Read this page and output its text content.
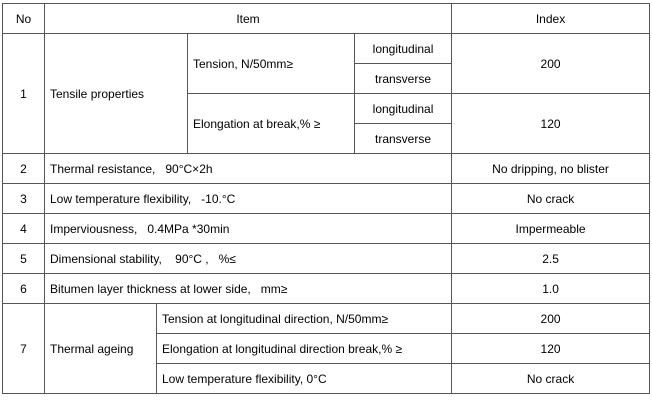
No	Item				Index
1	Tensile properties		Tension, N/50mm≥	longitudinal	200
				transverse	
			Elongation at break,% ≥	longitudinal	120
				transverse	
2	Thermal resistance,   90°C×2h				No dripping, no blister
3	Low temperature flexibility,   -10.°C				No crack
4	Imperviousness,   0.4MPa *30min				Impermeable
5	Dimensional stability,    90°C ,   %≤				2.5
6	Bitumen layer thickness at lower side,   mm≥				1.0
7	Thermal ageing	Tension at longitudinal direction, N/50mm≥			200
		Elongation at longitudinal direction break,% ≥			120
		Low temperature flexibility, 0°C			No crack
